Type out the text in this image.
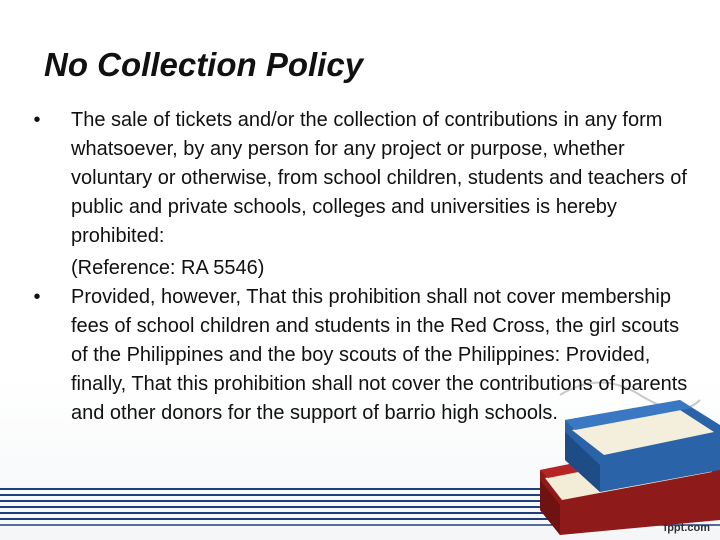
No Collection Policy
• The sale of tickets and/or the collection of contributions in any form whatsoever, by any person for any project or purpose, whether voluntary or otherwise, from school children, students and teachers of public and private schools, colleges and universities is hereby prohibited:
(Reference: RA 5546)
• Provided, however, That this prohibition shall not cover membership fees of school children and students in the Red Cross, the girl scouts of the Philippines and the boy scouts of the Philippines: Provided, finally, That this prohibition shall not cover the contributions of parents and other donors for the support of barrio high schools.
fppt.com
